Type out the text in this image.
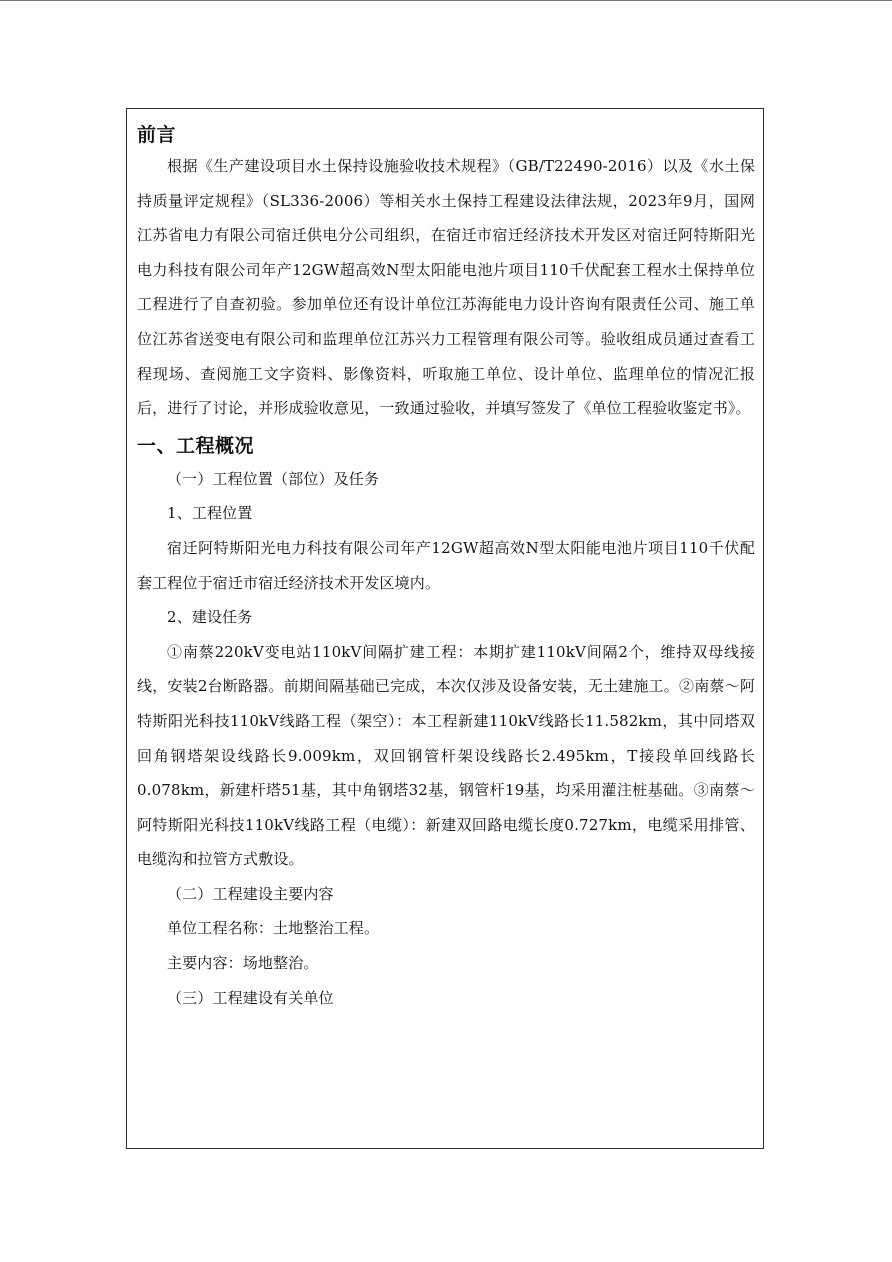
前言

根据《生产建设项目水土保持设施验收技术规程》（GB/T22490-2016）以及《水土保持质量评定规程》（SL336-2006）等相关水土保持工程建设法律法规，2023年9月，国网江苏省电力有限公司宿迁供电分公司组织，在宿迁市宿迁经济技术开发区对宿迁阿特斯阳光电力科技有限公司年产12GW超高效N型太阳能电池片项目110千伏配套工程水土保持单位工程进行了自查初验。参加单位还有设计单位江苏海能电力设计咨询有限责任公司、施工单位江苏省送变电有限公司和监理单位江苏兴力工程管理有限公司等。验收组成员通过查看工程现场、查阅施工文字资料、影像资料，听取施工单位、设计单位、监理单位的情况汇报后，进行了讨论，并形成验收意见，一致通过验收，并填写签发了《单位工程验收鉴定书》。

一、工程概况

（一）工程位置（部位）及任务

1、工程位置

宿迁阿特斯阳光电力科技有限公司年产12GW超高效N型太阳能电池片项目110千伏配套工程位于宿迁市宿迁经济技术开发区境内。

2、建设任务

①南蔡220kV变电站110kV间隔扩建工程：本期扩建110kV间隔2个，维持双母线接线，安装2台断路器。前期间隔基础已完成，本次仅涉及设备安装，无土建施工。②南蔡～阿特斯阳光科技110kV线路工程（架空）：本工程新建110kV线路长11.582km，其中同塔双回角钢塔架设线路长9.009km，双回钢管杆架设线路长2.495km，T接段单回线路长0.078km，新建杆塔51基，其中角钢塔32基，钢管杆19基，均采用灌注桩基础。③南蔡～阿特斯阳光科技110kV线路工程（电缆）：新建双回路电缆长度0.727km，电缆采用排管、电缆沟和拉管方式敷设。

（二）工程建设主要内容

单位工程名称：土地整治工程。

主要内容：场地整治。

（三）工程建设有关单位
